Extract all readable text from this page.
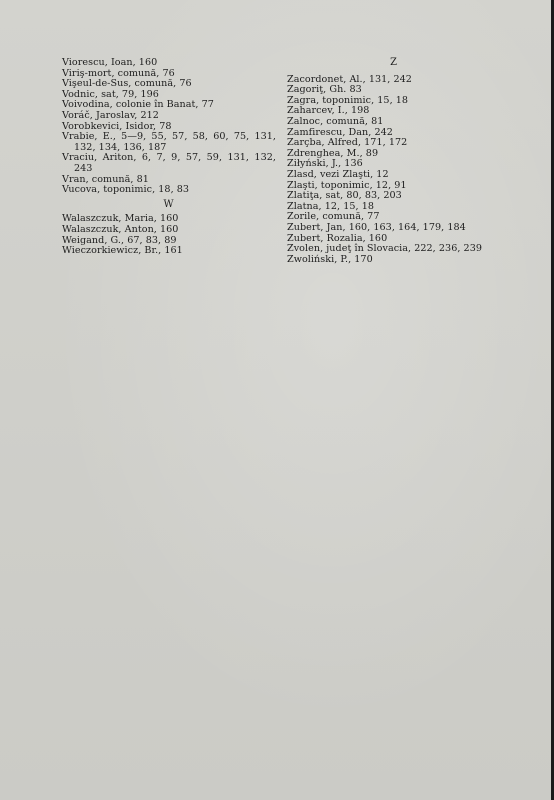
Viorescu, Ioan, 160

Viriş-mort, comună, 76

Vişeul-de-Sus, comună, 76

Vodnic, sat, 79, 196

Voivodina, colonie în Banat, 77

Voráč, Jaroslav, 212

Vorobkevici, Isidor, 78

Vrabie, E., 5—9, 55, 57, 58, 60, 75, 131, 132, 134, 136, 187

Vraciu, Ariton, 6, 7, 9, 57, 59, 131, 132, 243

Vran, comună, 81

Vucova, toponimic, 18, 83

W

Walaszczuk, Maria, 160

Walaszczuk, Anton, 160

Weigand, G., 67, 83, 89

Wieczorkiewicz, Br., 161

Z

Zacordonet, Al., 131, 242

Zagoriţ, Gh. 83

Zagra, toponimic, 15, 18

Zaharcev, I., 198

Zalnoc, comună, 81

Zamfirescu, Dan, 242

Zarçba, Alfred, 171, 172

Zdrenghea, M., 89

Ziłyński, J., 136

Zlasd, vezi Zlaşti, 12

Zlaşti, toponimic, 12, 91

Zlatiţa, sat, 80, 83, 203

Zlatna, 12, 15, 18

Zorile, comună, 77

Zubert, Jan, 160, 163, 164, 179, 184

Zubert, Rozalia, 160

Zvolen, judeţ în Slovacia, 222, 236, 239

Zwoliński, P., 170
